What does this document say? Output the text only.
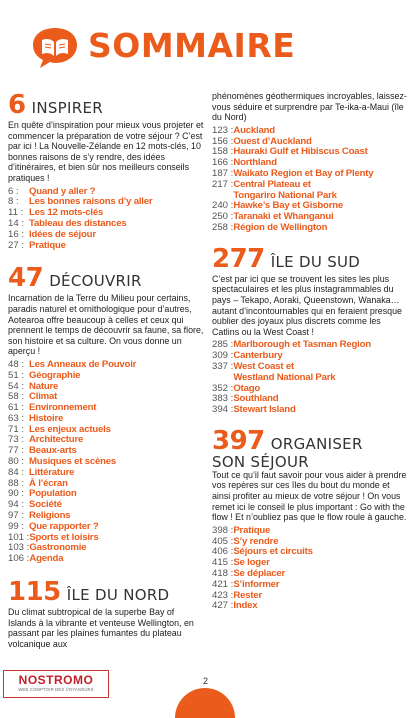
SOMMAIRE
6 INSPIRER

En quête d’inspiration pour mieux vous projeter et commencer la préparation de votre séjour ? C’est par ici ! La Nouvelle-Zélande en 12 mots-clés, 10 bonnes raisons de s’y rendre, des idées d’itinéraires, et bien sûr nos meilleurs conseils pratiques !

6 :	Quand y aller ?
8 :	Les bonnes raisons d’y aller
11 : Les 12 mots-clés
14 : Tableau des distances
16 : Idées de séjour
27 : Pratique
47 DÉCOUVRIR

Incarnation de la Terre du Milieu pour certains, paradis naturel et ornithologique pour d’autres, Aotearoa offre beaucoup à celles et ceux qui prennent le temps de découvrir sa faune, sa flore, son histoire et sa culture. On vous donne un aperçu !

48 : Les Anneaux de Pouvoir
51 : Géographie
54 : Nature
58 : Climat
61 : Environnement
63 : Histoire
71 : Les enjeux actuels
73 : Architecture
77 : Beaux-arts
80 : Musiques et scènes
84 : Littérature
88 : À l’écran
90 : Population
94 : Société
97 : Religions
99 : Que rapporter ?
101 : Sports et loisirs
103 : Gastronomie
106 : Agenda
115 ÎLE DU NORD

Du climat subtropical de la superbe Bay of Islands à la vibrante et venteuse Wellington, en passant par les plaines fumantes du plateau volcanique aux

phénomènes géothermiques incroyables, laissez-vous séduire et surprendre par Te-ika-a-Maui (île du Nord)

123 : Auckland
156 : Ouest d’Auckland
158 : Hauraki Gulf et Hibiscus Coast
166 : Northland
187 : Waikato Region et Bay of Plenty
217 : Central Plateau et
Tongariro National Park
240 : Hawke’s Bay et Gisborne
250 : Taranaki et Whanganui
258 : Région de Wellington
277 ÎLE DU SUD

C’est par ici que se trouvent les sites les plus spectaculaires et les plus instagrammables du pays – Tekapo, Aoraki, Queenstown, Wanaka… autant d’incontournables qui en feraient presque oublier des joyaux plus discrets comme les Catlins ou la West Coast !

285 : Marlborough et Tasman Region
309 : Canterbury
337 : West Coast et
Westland National Park
352 : Otago
383 : Southland
394 : Stewart Island
397 ORGANISER
SON SÉJOUR

Tout ce qu’il faut savoir pour vous aider à prendre vos repères sur ces îles du bout du monde et ainsi profiter au mieux de votre séjour ! On vous remet ici le conseil le plus important : Go with the flow ! Et n’oubliez pas que le flow roule à gauche.

398 : Pratique
405 : S’y rendre
406 : Séjours et circuits
415 : Se loger
418 : Se déplacer
421 : S’informer
423 : Rester
427 : Index
2
NOSTROMO
WEB COMPTOIR DES VOYAGEURS
